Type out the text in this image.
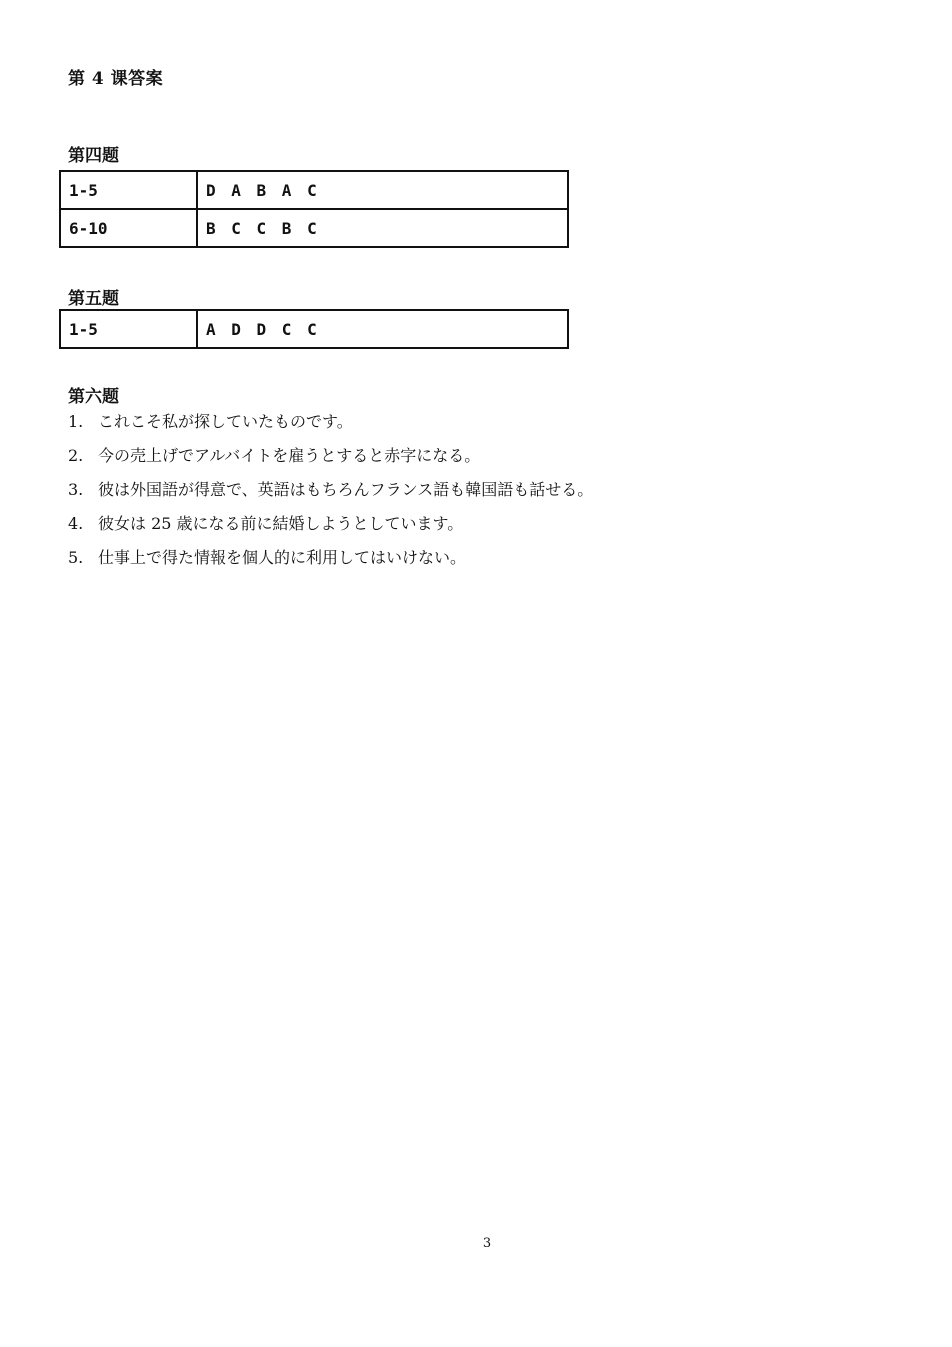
第 4 课答案
第四题
1-5	D A B A C
6-10	B C C B C
第五题
1-5	A D D C C
第六题
1. これこそ私が探していたものです。
2. 今の売上げでアルバイトを雇うとすると赤字になる。
3. 彼は外国語が得意で、英語はもちろんフランス語も韓国語も話せる。
4. 彼女は 25 歳になる前に結婚しようとしています。
5. 仕事上で得た情報を個人的に利用してはいけない。
3
